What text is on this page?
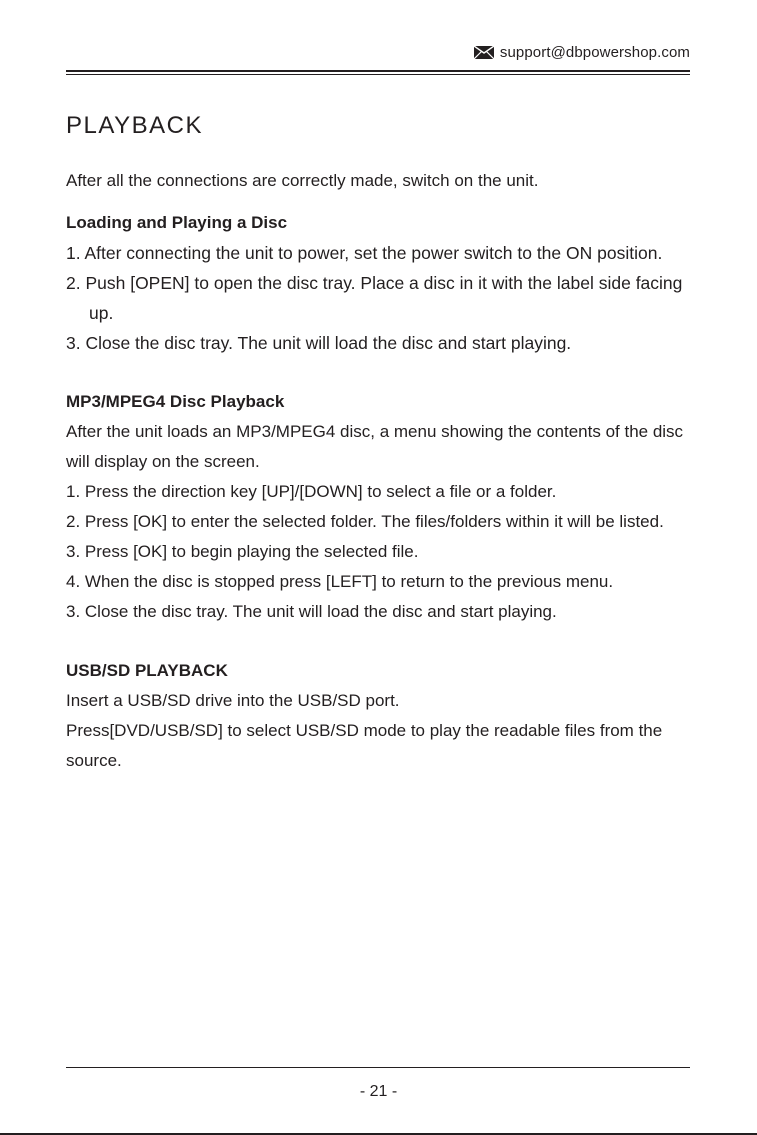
support@dbpowershop.com
PLAYBACK

After all the connections are correctly made, switch on the unit.

Loading and Playing a Disc

1. After connecting the unit to power, set the power switch to the ON position.

2. Push [OPEN] to open the disc tray. Place a disc in it with the label side facing up.

3. Close the disc tray. The unit will load the disc and start playing.

MP3/MPEG4 Disc Playback

After the unit loads an MP3/MPEG4 disc, a menu showing the contents of the disc will display on the screen.

1. Press the direction key [UP]/[DOWN] to select a file or a folder.

2. Press [OK] to enter the selected folder. The files/folders within it will be listed.

3. Press [OK] to begin playing the selected file.

4. When the disc is stopped press [LEFT] to return to the previous menu.

3. Close the disc tray. The unit will load the disc and start playing.

USB/SD PLAYBACK

Insert a USB/SD drive into the USB/SD port.

Press[DVD/USB/SD] to select USB/SD mode to play the readable files from the source.

- 21 -
